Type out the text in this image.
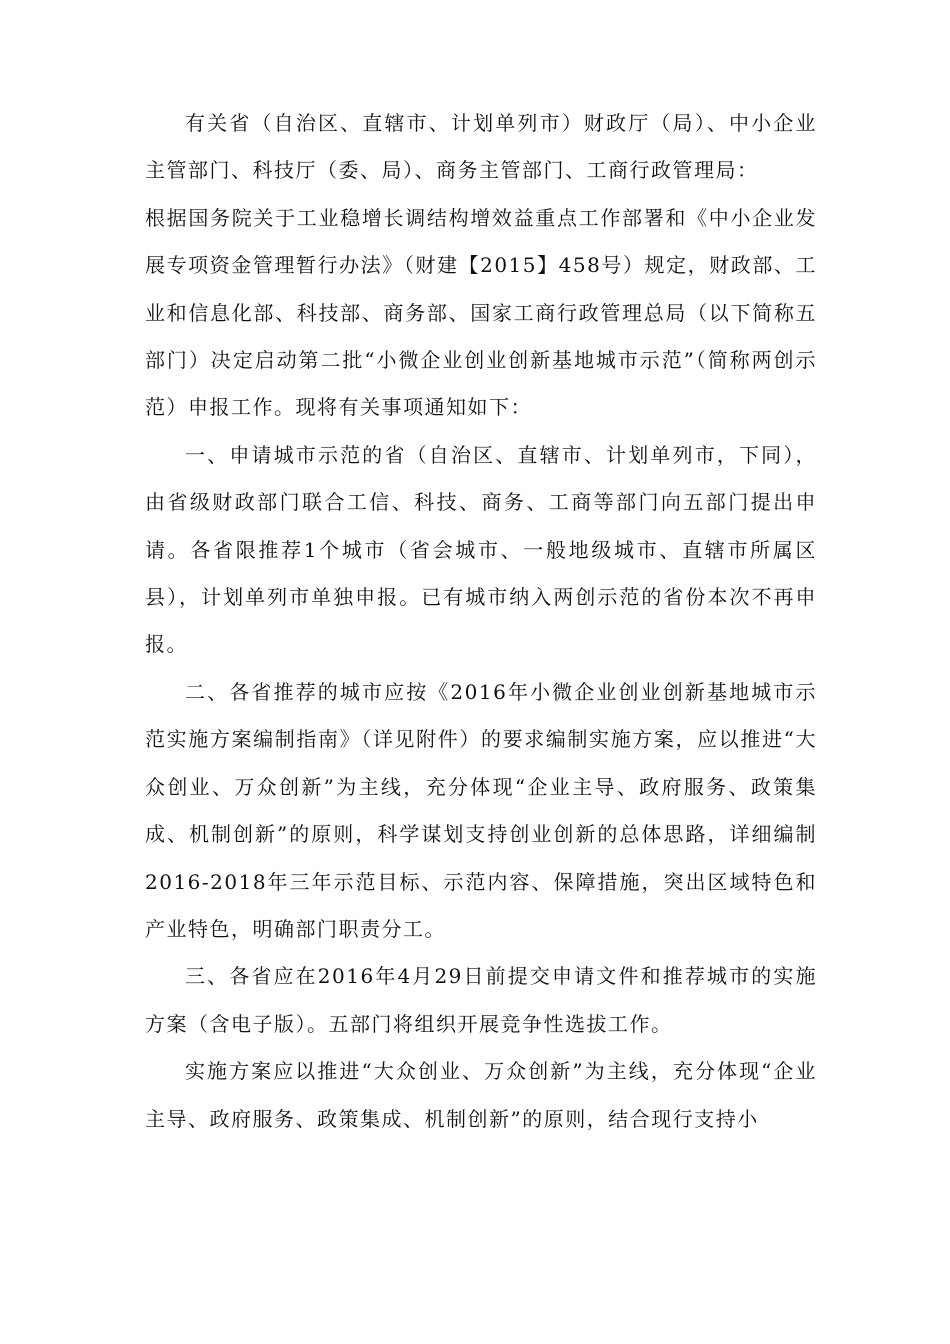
有关省（自治区、直辖市、计划单列市）财政厅（局）、中小企业主管部门、科技厅（委、局）、商务主管部门、工商行政管理局：

根据国务院关于工业稳增长调结构增效益重点工作部署和《中小企业发展专项资金管理暂行办法》（财建【2015】458号）规定，财政部、工业和信息化部、科技部、商务部、国家工商行政管理总局（以下简称五部门）决定启动第二批“小微企业创业创新基地城市示范”（简称两创示范）申报工作。现将有关事项通知如下：

一、申请城市示范的省（自治区、直辖市、计划单列市，下同），由省级财政部门联合工信、科技、商务、工商等部门向五部门提出申请。各省限推荐1个城市（省会城市、一般地级城市、直辖市所属区县），计划单列市单独申报。已有城市纳入两创示范的省份本次不再申报。

二、各省推荐的城市应按《2016年小微企业创业创新基地城市示范实施方案编制指南》（详见附件）的要求编制实施方案，应以推进“大众创业、万众创新”为主线，充分体现“企业主导、政府服务、政策集成、机制创新”的原则，科学谋划支持创业创新的总体思路，详细编制2016-2018年三年示范目标、示范内容、保障措施，突出区域特色和产业特色，明确部门职责分工。

三、各省应在2016年4月29日前提交申请文件和推荐城市的实施方案（含电子版）。五部门将组织开展竞争性选拔工作。

实施方案应以推进“大众创业、万众创新”为主线，充分体现“企业主导、政府服务、政策集成、机制创新”的原则，结合现行支持小
